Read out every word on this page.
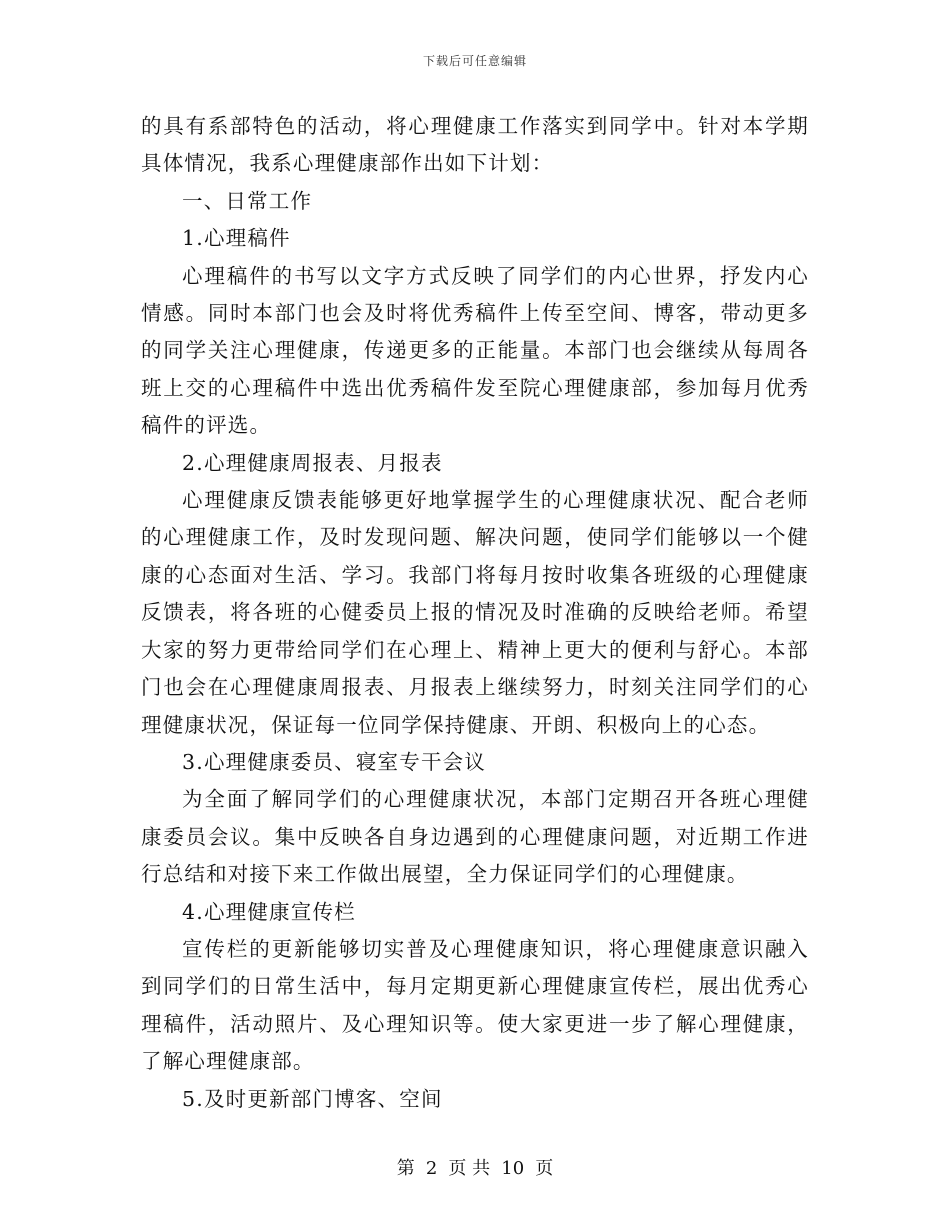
下载后可任意编辑

的具有系部特色的活动，将心理健康工作落实到同学中。针对本学期具体情况，我系心理健康部作出如下计划：

一、日常工作

1.心理稿件

心理稿件的书写以文字方式反映了同学们的内心世界，抒发内心情感。同时本部门也会及时将优秀稿件上传至空间、博客，带动更多的同学关注心理健康，传递更多的正能量。本部门也会继续从每周各班上交的心理稿件中选出优秀稿件发至院心理健康部，参加每月优秀稿件的评选。

2.心理健康周报表、月报表

心理健康反馈表能够更好地掌握学生的心理健康状况、配合老师的心理健康工作，及时发现问题、解决问题，使同学们能够以一个健康的心态面对生活、学习。我部门将每月按时收集各班级的心理健康反馈表，将各班的心健委员上报的情况及时准确的反映给老师。希望大家的努力更带给同学们在心理上、精神上更大的便利与舒心。本部门也会在心理健康周报表、月报表上继续努力，时刻关注同学们的心理健康状况，保证每一位同学保持健康、开朗、积极向上的心态。

3.心理健康委员、寝室专干会议

为全面了解同学们的心理健康状况，本部门定期召开各班心理健康委员会议。集中反映各自身边遇到的心理健康问题，对近期工作进行总结和对接下来工作做出展望，全力保证同学们的心理健康。

4.心理健康宣传栏

宣传栏的更新能够切实普及心理健康知识，将心理健康意识融入到同学们的日常生活中，每月定期更新心理健康宣传栏，展出优秀心理稿件，活动照片、及心理知识等。使大家更进一步了解心理健康，了解心理健康部。

5.及时更新部门博客、空间

第 2 页 共 10 页
